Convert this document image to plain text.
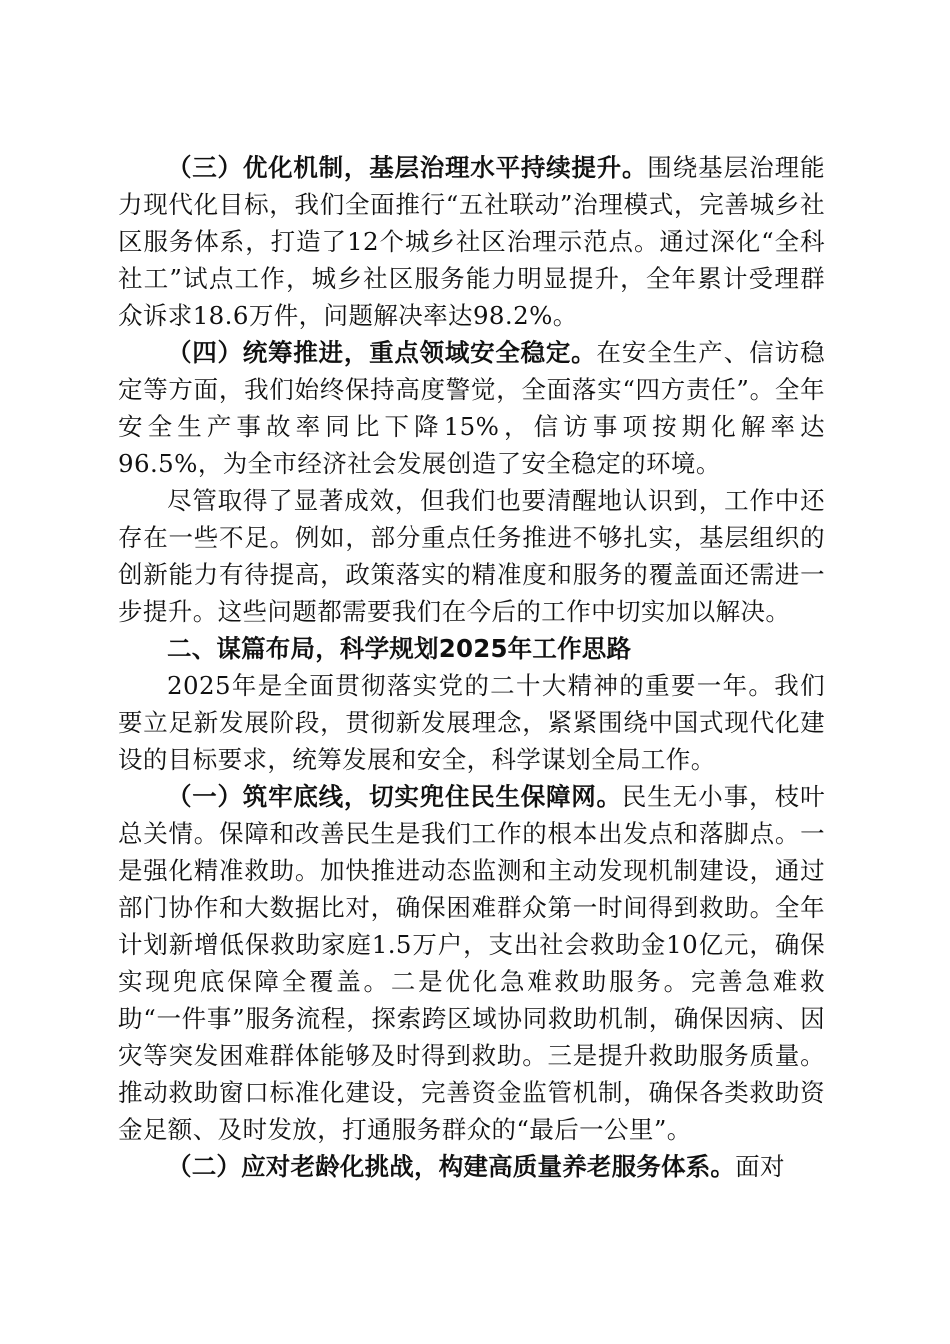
（三）优化机制，基层治理水平持续提升。围绕基层治理能力现代化目标，我们全面推行“五社联动”治理模式，完善城乡社区服务体系，打造了12个城乡社区治理示范点。通过深化“全科社工”试点工作，城乡社区服务能力明显提升，全年累计受理群众诉求18.6万件，问题解决率达98.2%。

（四）统筹推进，重点领域安全稳定。在安全生产、信访稳定等方面，我们始终保持高度警觉，全面落实“四方责任”。全年安全生产事故率同比下降15%，信访事项按期化解率达96.5%，为全市经济社会发展创造了安全稳定的环境。

尽管取得了显著成效，但我们也要清醒地认识到，工作中还存在一些不足。例如，部分重点任务推进不够扎实，基层组织的创新能力有待提高，政策落实的精准度和服务的覆盖面还需进一步提升。这些问题都需要我们在今后的工作中切实加以解决。

二、谋篇布局，科学规划2025年工作思路

2025年是全面贯彻落实党的二十大精神的重要一年。我们要立足新发展阶段，贯彻新发展理念，紧紧围绕中国式现代化建设的目标要求，统筹发展和安全，科学谋划全局工作。

（一）筑牢底线，切实兜住民生保障网。民生无小事，枝叶总关情。保障和改善民生是我们工作的根本出发点和落脚点。一是强化精准救助。加快推进动态监测和主动发现机制建设，通过部门协作和大数据比对，确保困难群众第一时间得到救助。全年计划新增低保救助家庭1.5万户，支出社会救助金10亿元，确保实现兜底保障全覆盖。二是优化急难救助服务。完善急难救助“一件事”服务流程，探索跨区域协同救助机制，确保因病、因灾等突发困难群体能够及时得到救助。三是提升救助服务质量。推动救助窗口标准化建设，完善资金监管机制，确保各类救助资金足额、及时发放，打通服务群众的“最后一公里”。

（二）应对老龄化挑战，构建高质量养老服务体系。面对
